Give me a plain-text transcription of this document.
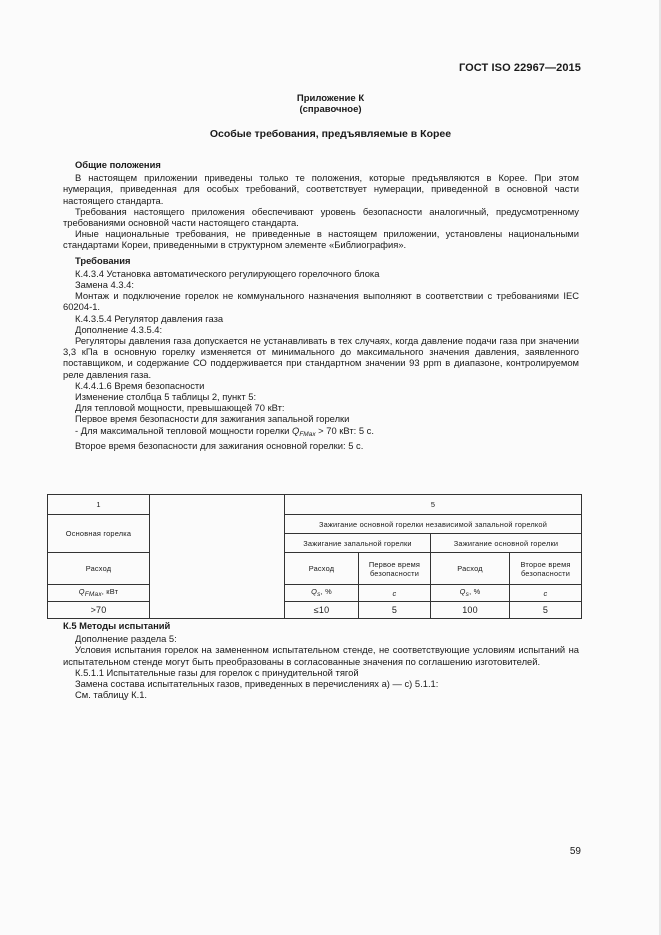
ГОСТ ISO 22967—2015
Приложение К
(справочное)
Особые требования, предъявляемые в Корее

Общие положения

В настоящем приложении приведены только те положения, которые предъявляются в Корее. При этом нумерация, приведенная для особых требований, соответствует нумерации, приведенной в основной части настоящего стандарта.

Требования настоящего приложения обеспечивают уровень безопасности аналогичный, предусмотренному требованиями основной части настоящего стандарта.

Иные национальные требования, не приведенные в настоящем приложении, установлены национальными стандартами Кореи, приведенными в структурном элементе «Библиография».

Требования

К.4.3.4 Установка автоматического регулирующего горелочного блока

Замена 4.3.4:

Монтаж и подключение горелок не коммунального назначения выполняют в соответствии с требованиями IEC 60204-1.

К.4.3.5.4 Регулятор давления газа

Дополнение 4.3.5.4:

Регуляторы давления газа допускается не устанавливать в тех случаях, когда давление подачи газа при значении 3,3 кПа в основную горелку изменяется от минимального до максимального значения давления, заявленного поставщиком, и содержание СО поддерживается при стандартном значении 93 ppm в диапазоне, контролируемом реле давления газа.

К.4.4.1.6 Время безопасности

Изменение столбца 5 таблицы 2, пункт 5:

Для тепловой мощности, превышающей 70 кВт:

Первое время безопасности для зажигания запальной горелки

- Для максимальной тепловой мощности горелки $Q_{FMax} > 70$ кВт: 5 с.

Второе время безопасности для зажигания основной горелки: 5 с.

1		5			
Основная горелка		Зажигание основной горелки независимой запальной горелкой			
		Зажигание запальной горелки		Зажигание основной горелки	
Расход		Расход	Первое время безопасности	Расход	Второе время безопасности
QFMax, кВт		Qs, %	с	Qs, %	с
>70		≤10	5	100	5

К.5 Методы испытаний

Дополнение раздела 5:

Условия испытания горелок на замененном испытательном стенде, не соответствующие условиям испытаний на испытательном стенде могут быть преобразованы в согласованные значения по соглашению изготовителей.

К.5.1.1 Испытательные газы для горелок с принудительной тягой

Замена состава испытательных газов, приведенных в перечислениях а) — с) 5.1.1:

См. таблицу К.1.

59
